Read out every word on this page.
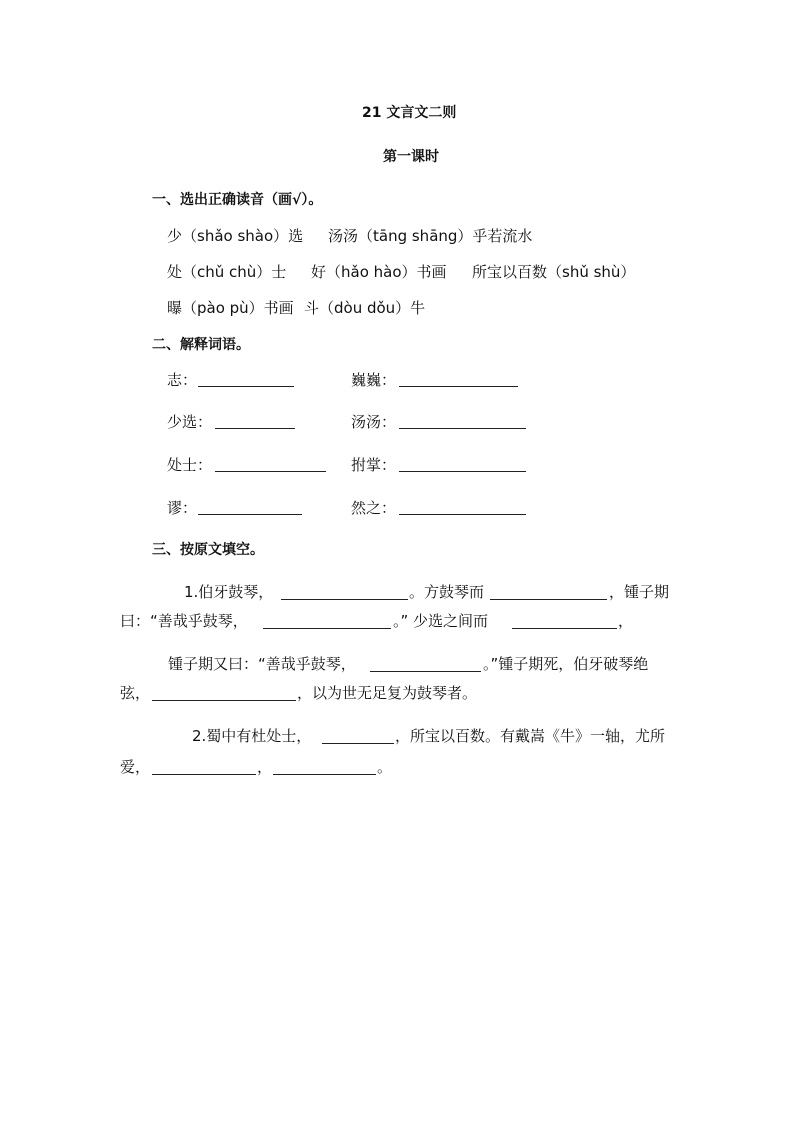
21 文言文二则
第一课时
一、选出正确读音（画√）。
少（shǎo shào）选 汤汤（tāng shāng）乎若流水
处（chǔ chù）士 好（hǎo hào）书画 所宝以百数（shǔ shù）
曝（pào pù）书画 斗（dòu dǒu）牛
二、解释词语。
志：	巍巍：
少选：	汤汤：
处士：	拊掌：
谬：	然之：
三、按原文填空。
1.伯牙鼓琴，	。方鼓琴而	，锺子期
曰：“善哉乎鼓琴，	。” 少选之间而	，
锺子期又曰：“善哉乎鼓琴，	。”锺子期死，伯牙破琴绝
弦，	，以为世无足复为鼓琴者。
2.蜀中有杜处士，	，所宝以百数。有戴嵩《牛》一轴，尤所
爱，	，	。
